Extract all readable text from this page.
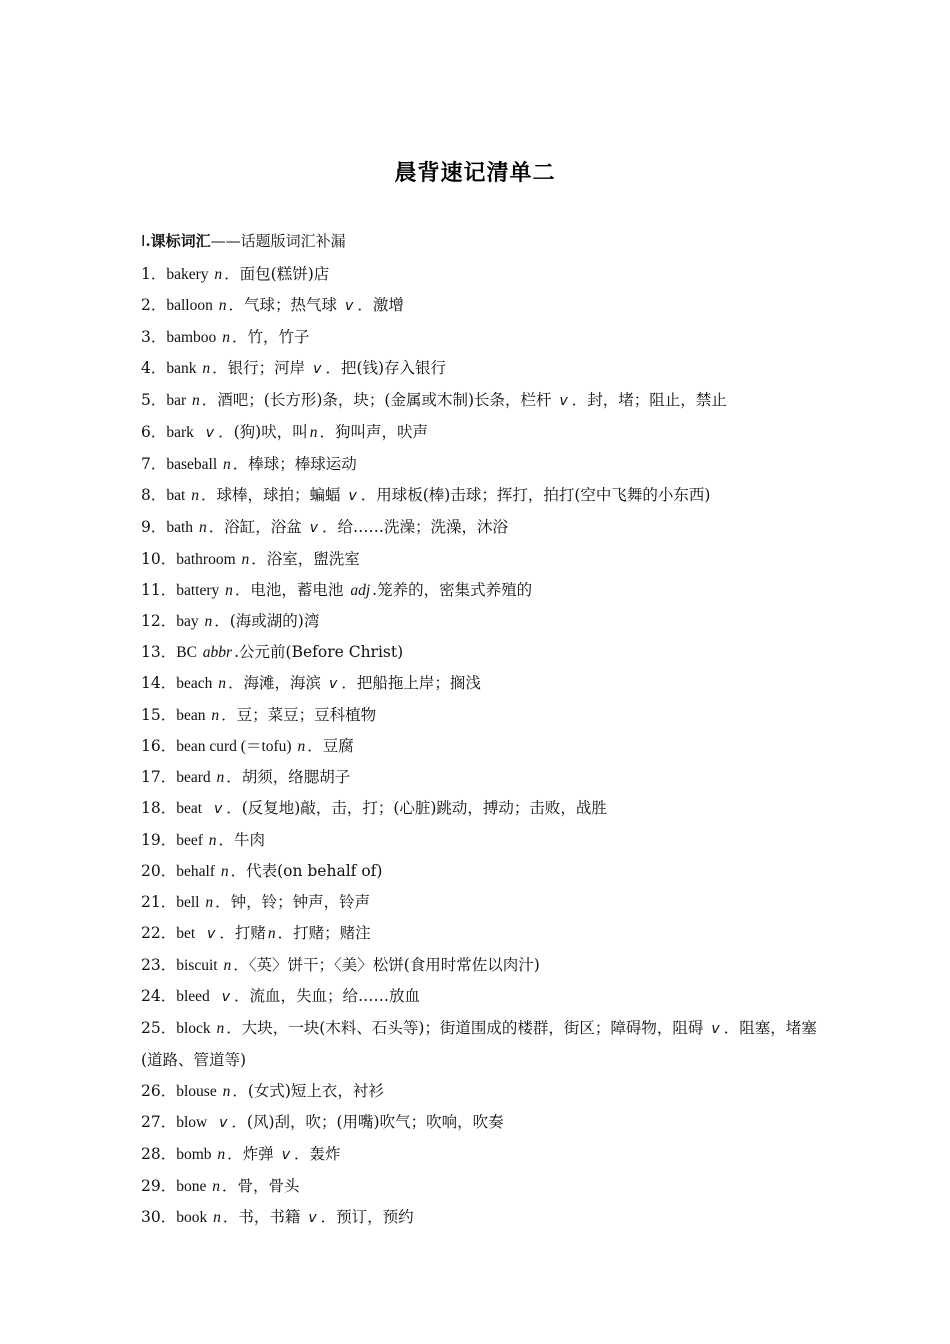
晨背速记清单二
Ⅰ.课标词汇——话题版词汇补漏
1．bakery n ．面包(糕饼)店
2．balloon n ．气球；热气球 v ．激增
3．bamboo n ．竹，竹子
4．bank n ．银行；河岸 v ．把(钱)存入银行
5．bar n ．酒吧；(长方形)条，块；(金属或木制)长条，栏杆 v ．封，堵；阻止，禁止
6．bark v ．(狗)吠，叫 n ．狗叫声，吠声
7．baseball n ．棒球；棒球运动
8．bat n ．球棒，球拍；蝙蝠 v ．用球板(棒)击球；挥打，拍打(空中飞舞的小东西)
9．bath n ．浴缸，浴盆 v ．给……洗澡；洗澡，沐浴
10．bathroom n ．浴室，盥洗室
11．battery n ．电池，蓄电池 adj .笼养的，密集式养殖的
12．bay n ．(海或湖的)湾
13．BC abbr .公元前(Before Christ)
14．beach n ．海滩，海滨 v ．把船拖上岸；搁浅
15．bean n ．豆；菜豆；豆科植物
16．bean curd (＝tofu) n ．豆腐
17．beard n ．胡须，络腮胡子
18．beat v ．(反复地)敲，击，打；(心脏)跳动，搏动；击败，战胜
19．beef n ．牛肉
20．behalf n ．代表(on behalf of)
21．bell n ．钟，铃；钟声，铃声
22．bet v ．打赌 n ．打赌；赌注
23．biscuit n ．〈英〉饼干；〈美〉松饼(食用时常佐以肉汁)
24．bleed v ．流血，失血；给……放血
25．block n ．大块，一块(木料、石头等)；街道围成的楼群，街区；障碍物，阻碍 v ．阻塞，堵塞(道路、管道等)
26．blouse n ．(女式)短上衣，衬衫
27．blow v ．(风)刮，吹；(用嘴)吹气；吹响，吹奏
28．bomb n ．炸弹 v ．轰炸
29．bone n ．骨，骨头
30．book n ．书，书籍 v ．预订，预约
